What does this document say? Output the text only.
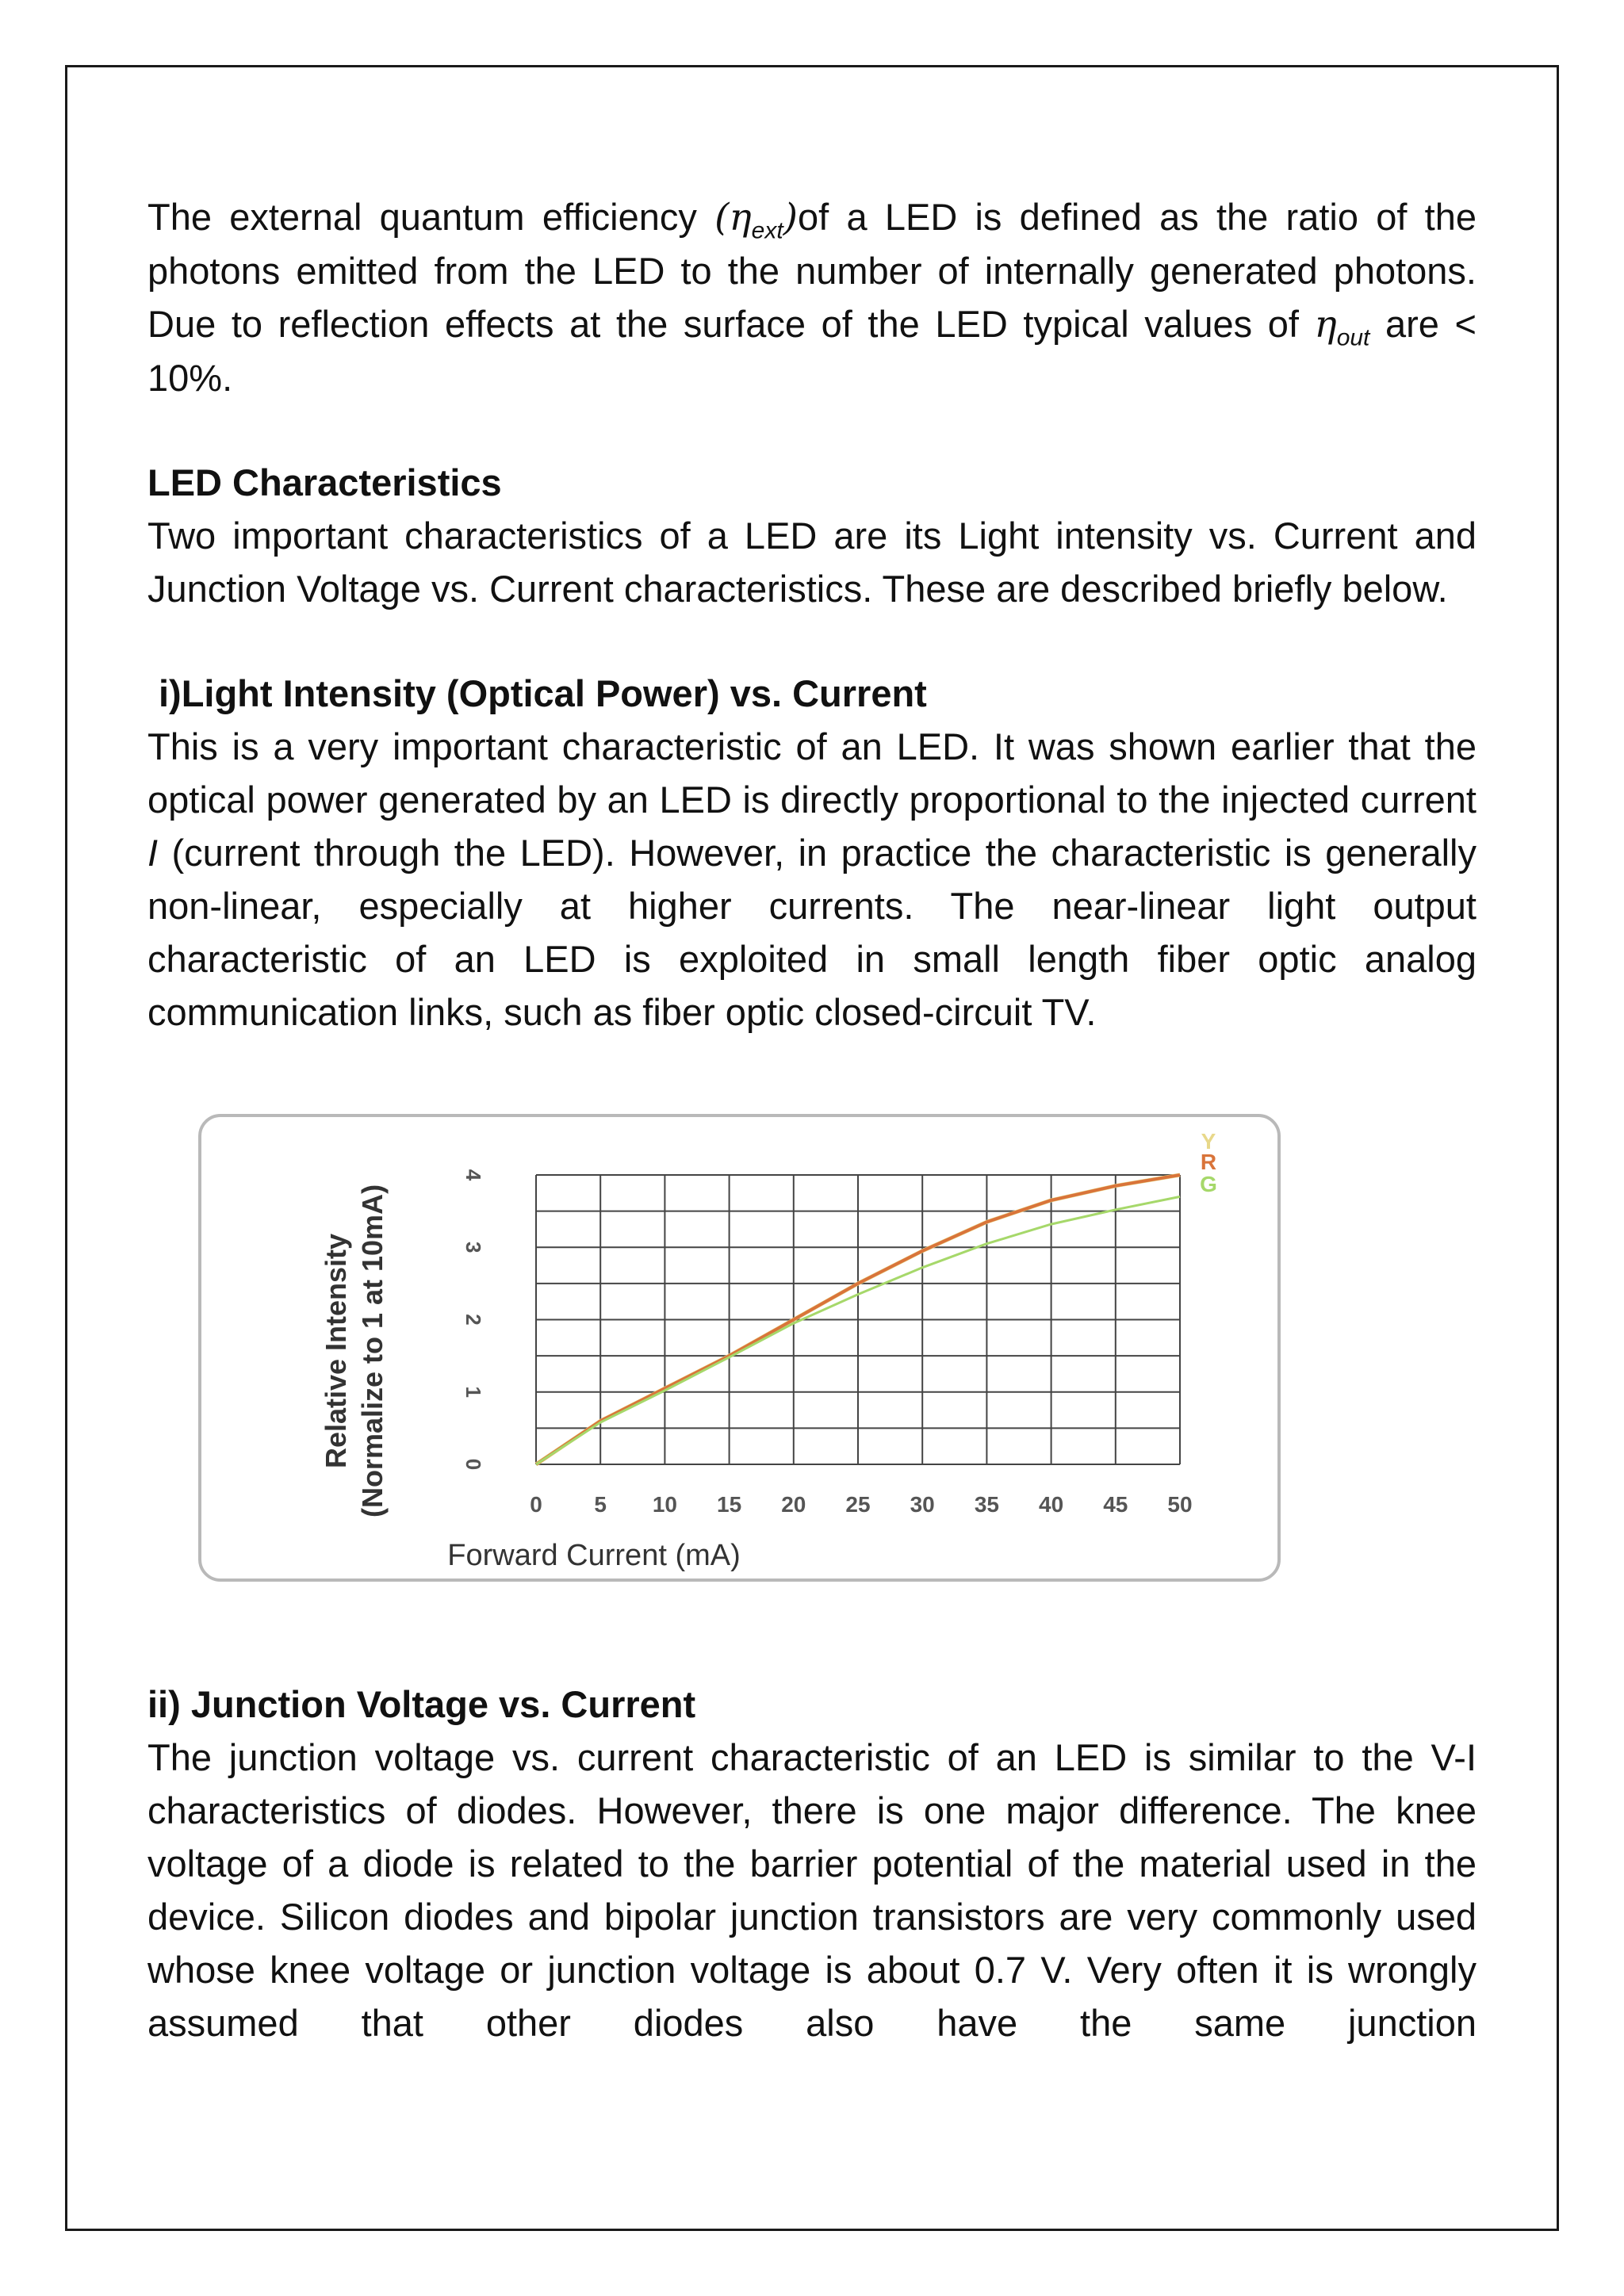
The external quantum efficiency $(\eta_{ext})of$ a LED is defined as the ratio of the photons emitted from the LED to the number of internally generated photons. Due to reflection effects at the surface of the LED typical values of $\eta_{out}$ are < 10%.

LED Characteristics

Two important characteristics of a LED are its Light intensity vs. Current and Junction Voltage vs. Current characteristics. These are described briefly below.

i)Light Intensity (Optical Power) vs. Current

This is a very important characteristic of an LED. It was shown earlier that the optical power generated by an LED is directly proportional to the injected current I (current through the LED). However, in practice the characteristic is generally non-linear, especially at higher currents. The near-linear light output characteristic of an LED is exploited in small length fiber optic analog communication links, such as fiber optic closed-circuit TV.

0 5 10 15 20 25 30 35 40 45 50
0
1
2
3
4
Y
R
G
Relative Intensity (Normalize to 1 at 10mA)
Forward Current (mA)

ii) Junction Voltage vs. Current

The junction voltage vs. current characteristic of an LED is similar to the V-I characteristics of diodes. However, there is one major difference. The knee voltage of a diode is related to the barrier potential of the material used in the device. Silicon diodes and bipolar junction transistors are very commonly used whose knee voltage or junction voltage is about 0.7 V. Very often it is wrongly assumed that other diodes also have the same junction
